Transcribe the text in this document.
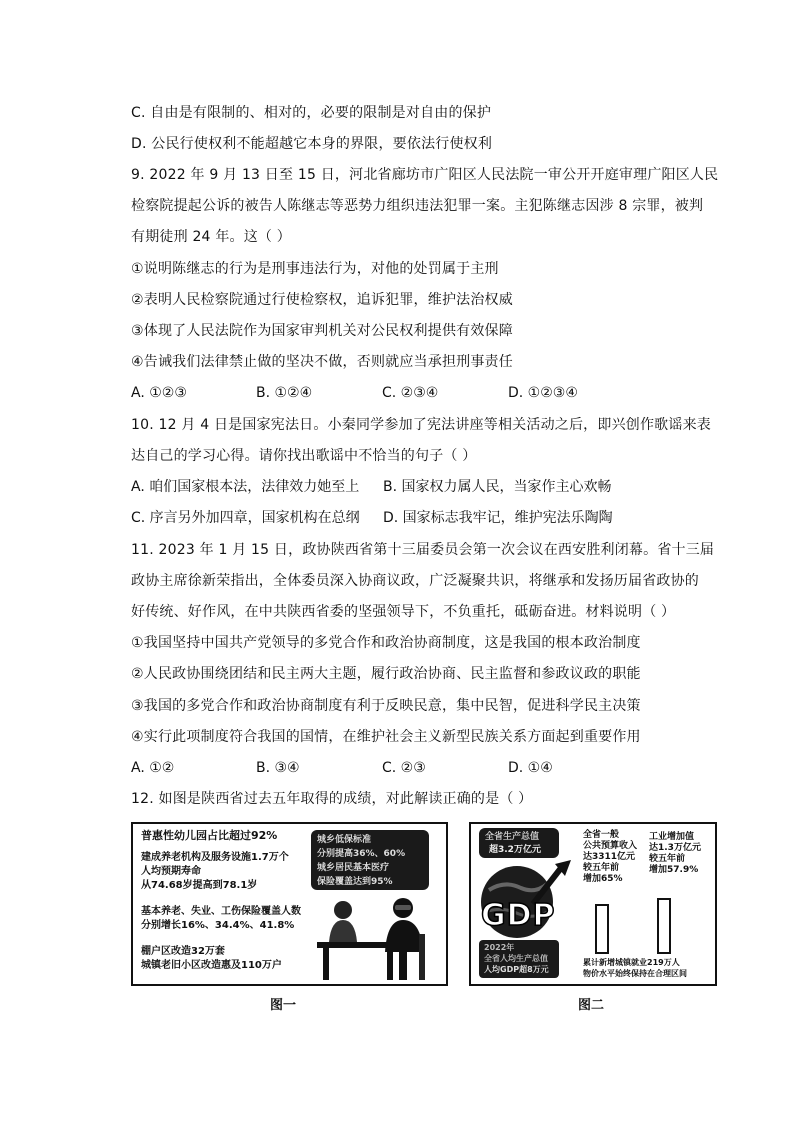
C. 自由是有限制的、相对的，必要的限制是对自由的保护
D. 公民行使权利不能超越它本身的界限，要依法行使权利
9. 2022 年 9 月 13 日至 15 日，河北省廊坊市广阳区人民法院一审公开开庭审理广阳区人民
检察院提起公诉的被告人陈继志等恶势力组织违法犯罪一案。主犯陈继志因涉 8 宗罪，被判
有期徒刑 24 年。这（ ）
①说明陈继志的行为是刑事违法行为，对他的处罚属于主刑
②表明人民检察院通过行使检察权，追诉犯罪，维护法治权威
③体现了人民法院作为国家审判机关对公民权利提供有效保障
④告诫我们法律禁止做的坚决不做，否则就应当承担刑事责任
A. ①②③	B. ①②④	C. ②③④	D. ①②③④
10. 12 月 4 日是国家宪法日。小秦同学参加了宪法讲座等相关活动之后，即兴创作歌谣来表
达自己的学习心得。请你找出歌谣中不恰当的句子（ ）
A. 咱们国家根本法，法律效力她至上 B. 国家权力属人民，当家作主心欢畅
C. 序言另外加四章，国家机构在总纲 D. 国家标志我牢记，维护宪法乐陶陶
11. 2023 年 1 月 15 日，政协陕西省第十三届委员会第一次会议在西安胜利闭幕。省十三届
政协主席徐新荣指出，全体委员深入协商议政，广泛凝聚共识，将继承和发扬历届省政协的
好传统、好作风，在中共陕西省委的坚强领导下，不负重托，砥砺奋进。材料说明（ ）
①我国坚持中国共产党领导的多党合作和政治协商制度，这是我国的根本政治制度
②人民政协围绕团结和民主两大主题，履行政治协商、民主监督和参政议政的职能
③我国的多党合作和政治协商制度有利于反映民意，集中民智，促进科学民主决策
④实行此项制度符合我国的国情，在维护社会主义新型民族关系方面起到重要作用
A. ①②	B. ③④	C. ②③	D. ①④
12. 如图是陕西省过去五年取得的成绩，对此解读正确的是（ ）
普惠性幼儿园占比超过92%
建成养老机构及服务设施1.7万个
人均预期寿命
从74.68岁提高到78.1岁
基本养老、失业、工伤保险覆盖人数
分别增长16%、34.4%、41.8%
棚户区改造32万套
城镇老旧小区改造惠及110万户
城乡低保标准
分别提高36%、60%
城乡居民基本医疗
保险覆盖达到95%
图一
全省生产总值
超3.2万亿元
GDP
2022年
全省人均生产总值
人均GDP超8万元
全省一般
公共预算收入
达3311亿元
较五年前
增加65%
工业增加值
达1.3万亿元
较五年前
增加57.9%
累计新增城镇就业219万人
物价水平始终保持在合理区间
图二
